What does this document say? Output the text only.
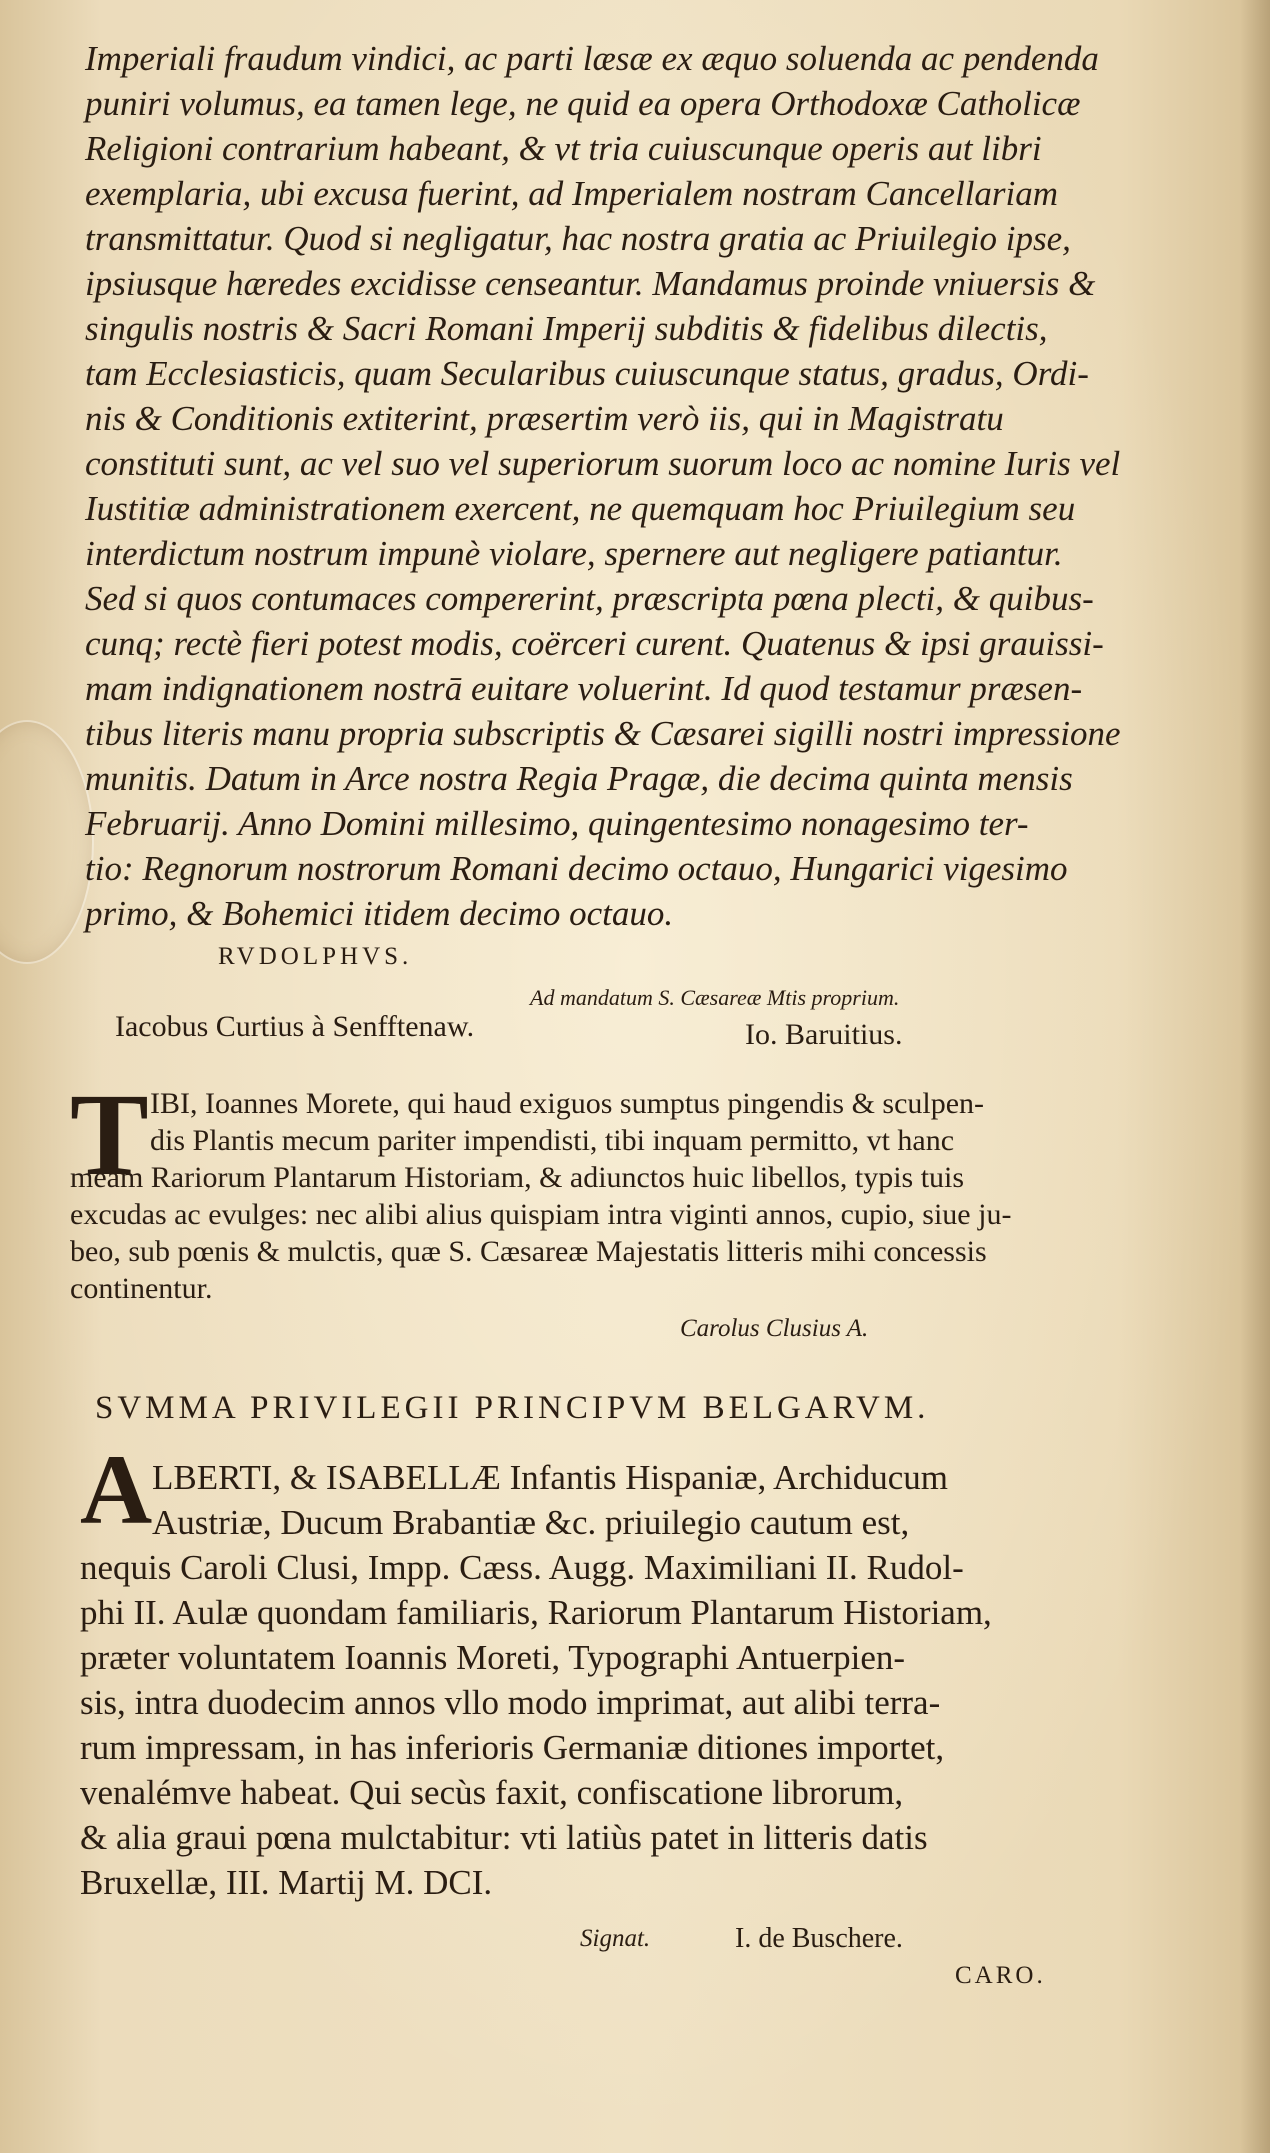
Imperiali fraudum vindici, ac parti læsæ ex æquo soluenda ac pendenda
puniri volumus, ea tamen lege, ne quid ea opera Orthodoxæ Catholicæ
Religioni contrarium habeant, & vt tria cuiuscunque operis aut libri
exemplaria, ubi excusa fuerint, ad Imperialem nostram Cancellariam
transmittatur. Quod si negligatur, hac nostra gratia ac Priuilegio ipse,
ipsiusque hæredes excidisse censeantur. Mandamus proinde vniuersis &
singulis nostris & Sacri Romani Imperij subditis & fidelibus dilectis,
tam Ecclesiasticis, quam Secularibus cuiuscunque status, gradus, Ordi-
nis & Conditionis extiterint, præsertim verò iis, qui in Magistratu
constituti sunt, ac vel suo vel superiorum suorum loco ac nomine Iuris vel
Iustitiæ administrationem exercent, ne quemquam hoc Priuilegium seu
interdictum nostrum impunè violare, spernere aut negligere patiantur.
Sed si quos contumaces compererint, præscripta pœna plecti, & quibus-
cunq; rectè fieri potest modis, coërceri curent. Quatenus & ipsi grauissi-
mam indignationem nostrā euitare voluerint. Id quod testamur præsen-
tibus literis manu propria subscriptis & Cæsarei sigilli nostri impressione
munitis. Datum in Arce nostra Regia Pragæ, die decima quinta mensis
Februarij. Anno Domini millesimo, quingentesimo nonagesimo ter-
tio: Regnorum nostrorum Romani decimo octauo, Hungarici vigesimo
primo, & Bohemici itidem decimo octauo.
RVDOLPHVS.
Ad mandatum S. Cæsareæ Mtis proprium.
Iacobus Curtius à Senfftenaw.	Io. Baruitius.
T IBI, Ioannes Morete, qui haud exiguos sumptus pingendis & sculpen-
dis Plantis mecum pariter impendisti, tibi inquam permitto, vt hanc
meam Rariorum Plantarum Historiam, & adiunctos huic libellos, typis tuis
excudas ac evulges: nec alibi alius quispiam intra viginti annos, cupio, siue ju-
beo, sub pœnis & mulctis, quæ S. Cæsareæ Majestatis litteris mihi concessis
continentur.
Carolus Clusius A.
SVMMA PRIVILEGII PRINCIPVM BELGARVM.
A LBERTI, & ISABELLÆ Infantis Hispaniæ, Archiducum
Austriæ, Ducum Brabantiæ &c. priuilegio cautum est,
nequis Caroli Clusi, Impp. Cæss. Augg. Maximiliani II. Rudol-
phi II. Aulæ quondam familiaris, Rariorum Plantarum Historiam,
præter voluntatem Ioannis Moreti, Typographi Antuerpien-
sis, intra duodecim annos vllo modo imprimat, aut alibi terra-
rum impressam, in has inferioris Germaniæ ditiones importet,
venalémve habeat. Qui secùs faxit, confiscatione librorum,
& alia graui pœna mulctabitur: vti latiùs patet in litteris datis
Bruxellæ, III. Martij M. DCI.
Signat.	I. de Buschere.
CARO.
